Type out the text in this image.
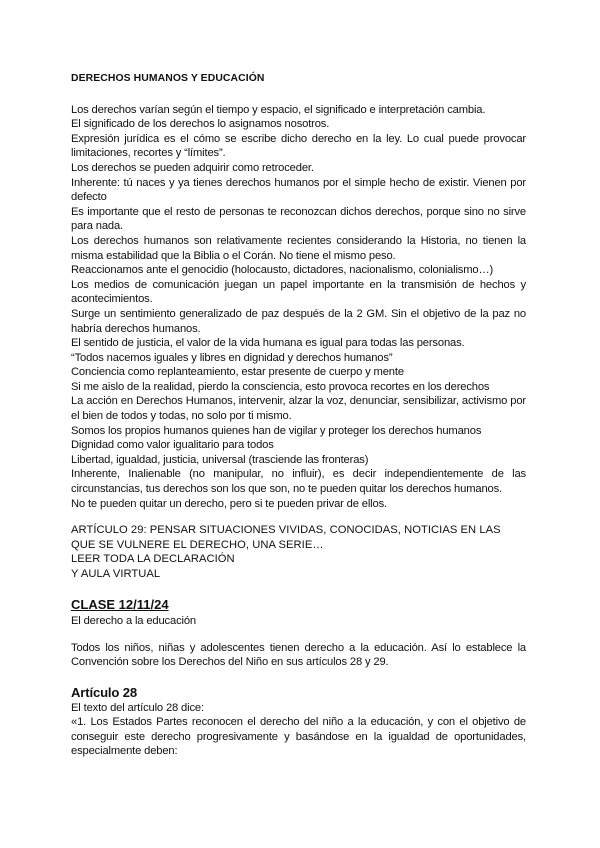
DERECHOS HUMANOS Y EDUCACIÓN

Los derechos varían según el tiempo y espacio, el significado e interpretación cambia.

El significado de los derechos lo asignamos nosotros.

Expresión jurídica es el cómo se escribe dicho derecho en la ley. Lo cual puede provocar limitaciones, recortes y “límites”.

Los derechos se pueden adquirir como retroceder.

Inherente: tú naces y ya tienes derechos humanos por el simple hecho de existir. Vienen por defecto

Es importante que el resto de personas te reconozcan dichos derechos, porque sino no sirve para nada.

Los derechos humanos son relativamente recientes considerando la Historia, no tienen la misma estabilidad que la Biblia o el Corán. No tiene el mismo peso.

Reaccionamos ante el genocidio (holocausto, dictadores, nacionalismo, colonialismo…)

Los medios de comunicación juegan un papel importante en la transmisión de hechos y acontecimientos.

Surge un sentimiento generalizado de paz después de la 2 GM. Sin el objetivo de la paz no habría derechos humanos.

El sentido de justicia, el valor de la vida humana es igual para todas las personas.

“Todos nacemos iguales y libres en dignidad y derechos humanos”

Conciencia como replanteamiento, estar presente de cuerpo y mente

Si me aislo de la realidad, pierdo la consciencia, esto provoca recortes en los derechos

La acción en Derechos Humanos, intervenir, alzar la voz, denunciar, sensibilizar, activismo por el bien de todos y todas, no solo por ti mismo.

Somos los propios humanos quienes han de vigilar y proteger los derechos humanos

Dignidad como valor igualitario para todos

Libertad, igualdad, justicia, universal (trasciende las fronteras)

Inherente, Inalienable (no manipular, no influir), es decir independientemente de las circunstancias, tus derechos son los que son, no te pueden quitar los derechos humanos.

No te pueden quitar un derecho, pero si te pueden privar de ellos.

ARTÍCULO 29: PENSAR SITUACIONES VIVIDAS, CONOCIDAS, NOTICIAS EN LAS QUE SE VULNERE EL DERECHO, UNA SERIE…

LEER TODA LA DECLARACIÓN

Y AULA VIRTUAL

CLASE 12/11/24

El derecho a la educación

Todos los niños, niñas y adolescentes tienen derecho a la educación. Así lo establece la Convención sobre los Derechos del Niño en sus artículos 28 y 29.

Artículo 28

El texto del artículo 28 dice:

«1. Los Estados Partes reconocen el derecho del niño a la educación, y con el objetivo de conseguir este derecho progresivamente y basándose en la igualdad de oportunidades, especialmente deben:
